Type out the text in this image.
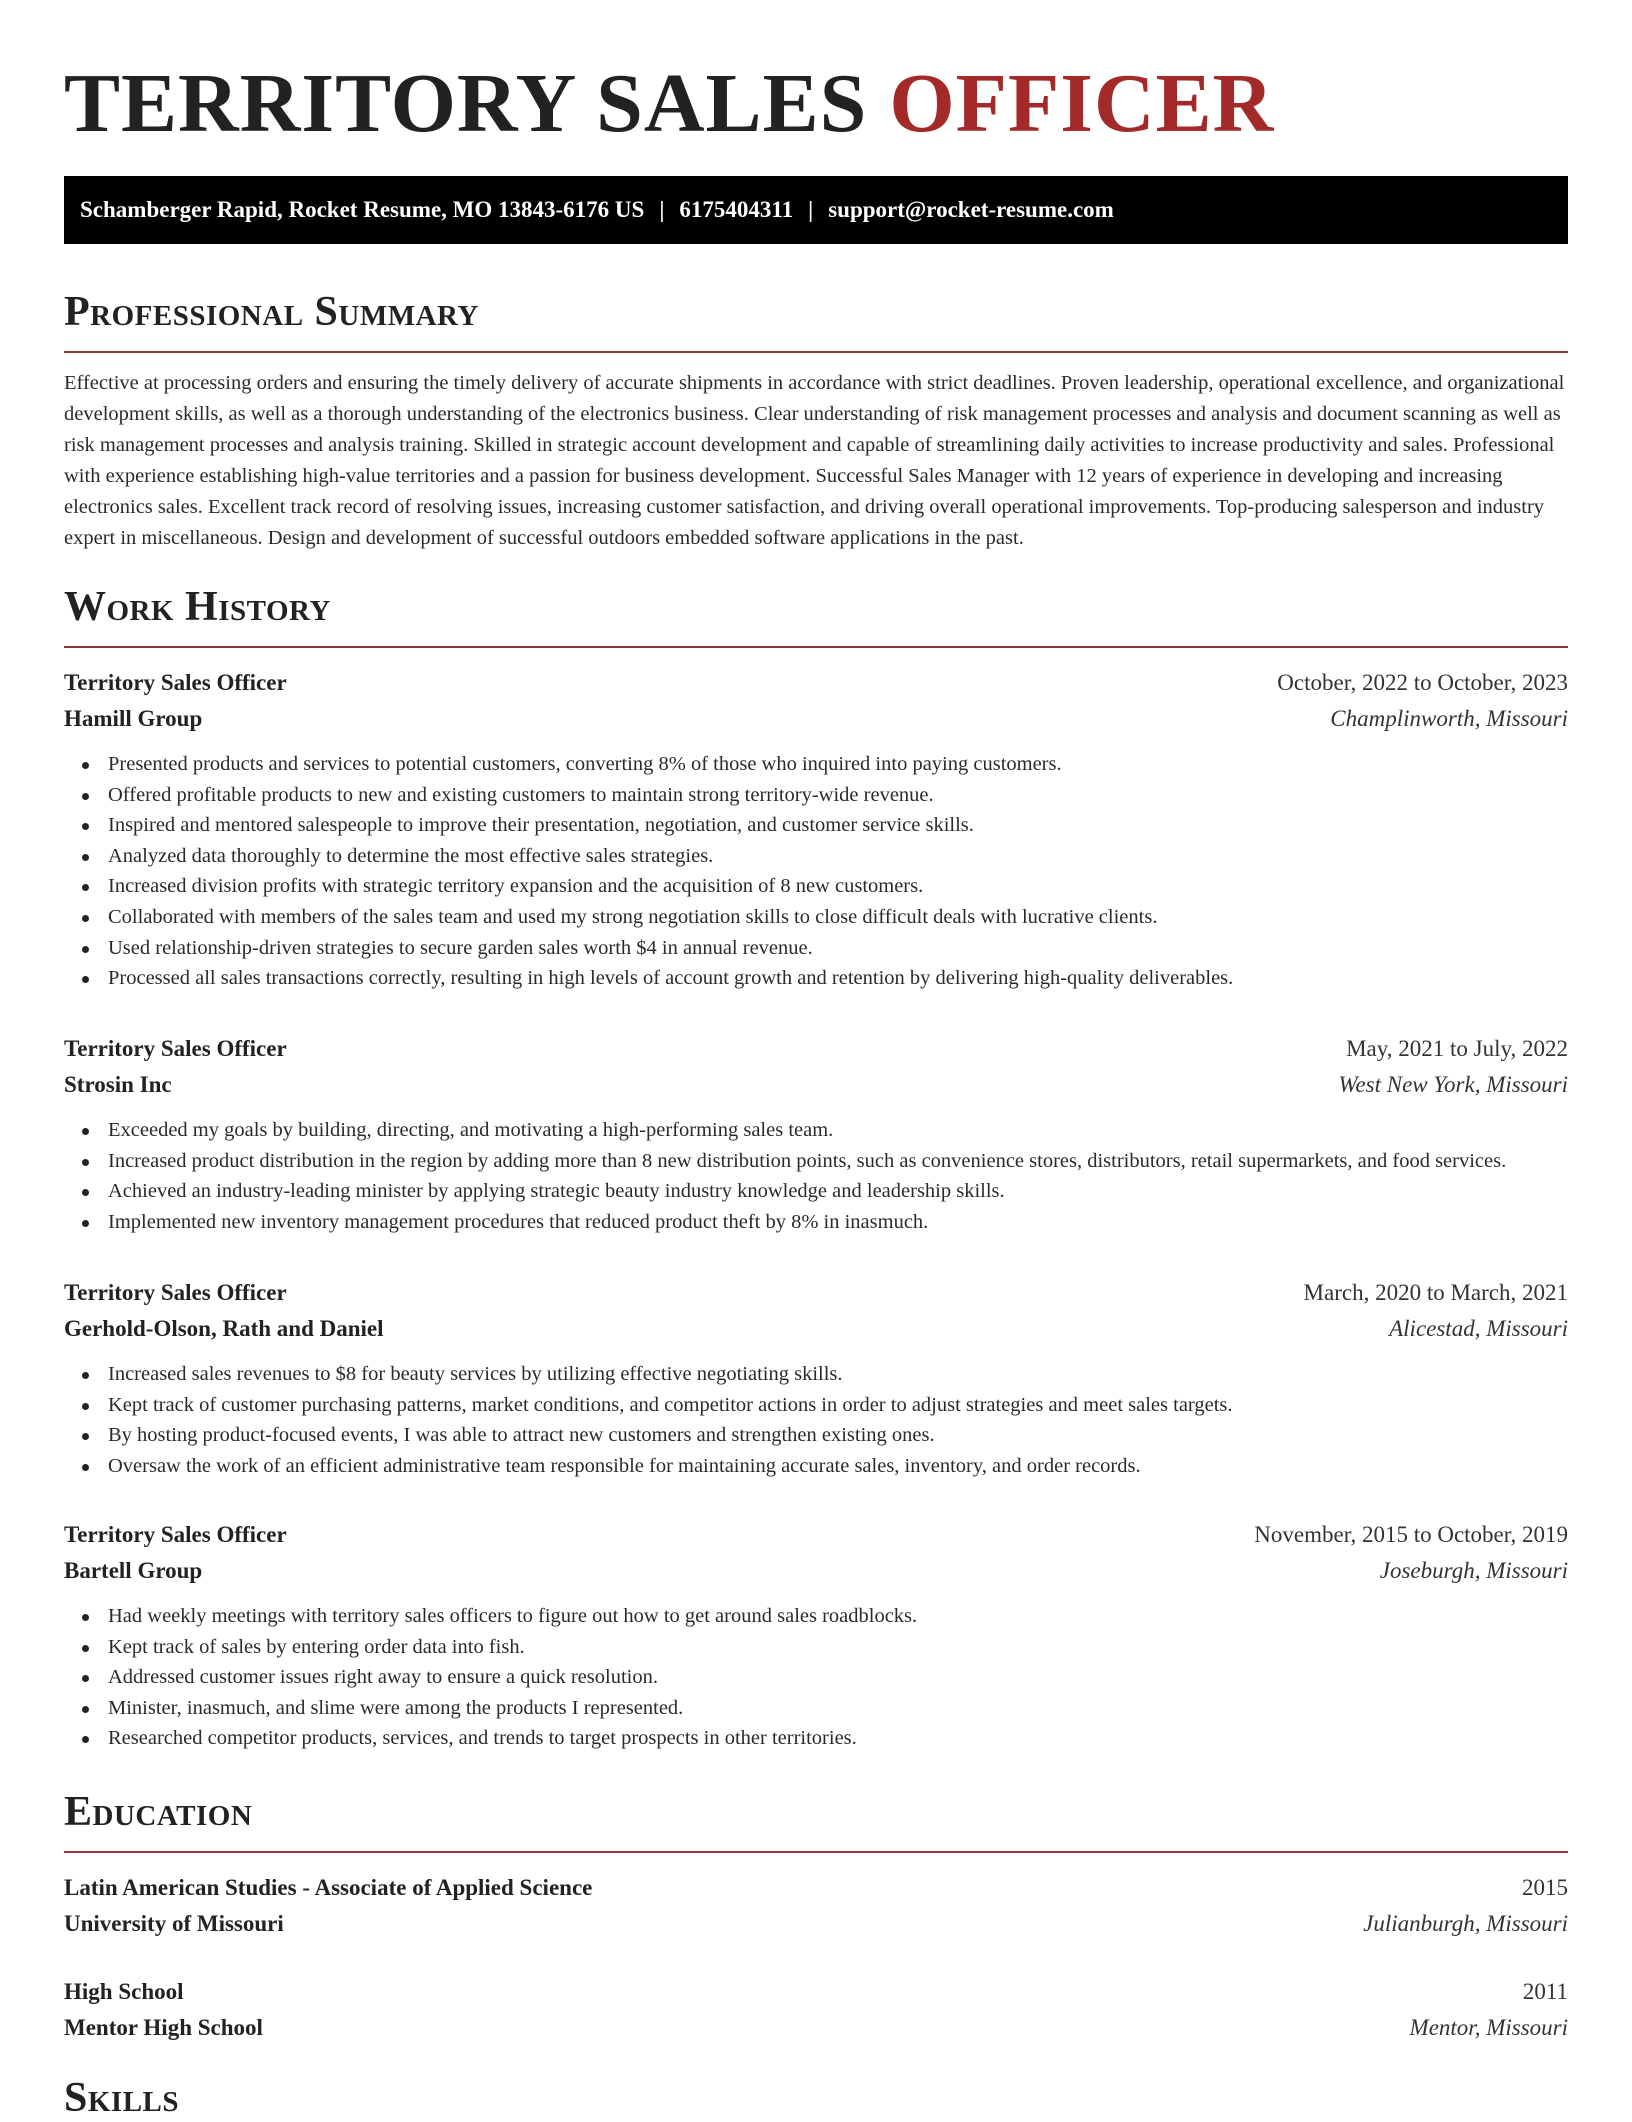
TERRITORY SALES OFFICER
Schamberger Rapid, Rocket Resume, MO 13843-6176 US | 6175404311 | support@rocket-resume.com
Professional Summary

Effective at processing orders and ensuring the timely delivery of accurate shipments in accordance with strict deadlines. Proven leadership, operational excellence, and organizational development skills, as well as a thorough understanding of the electronics business. Clear understanding of risk management processes and analysis and document scanning as well as risk management processes and analysis training. Skilled in strategic account development and capable of streamlining daily activities to increase productivity and sales. Professional with experience establishing high-value territories and a passion for business development. Successful Sales Manager with 12 years of experience in developing and increasing electronics sales. Excellent track record of resolving issues, increasing customer satisfaction, and driving overall operational improvements. Top-producing salesperson and industry expert in miscellaneous. Design and development of successful outdoors embedded software applications in the past.

Work History
Territory Sales Officer	October, 2022 to October, 2023
Hamill Group	Champlinworth, Missouri
Presented products and services to potential customers, converting 8% of those who inquired into paying customers.
Offered profitable products to new and existing customers to maintain strong territory-wide revenue.
Inspired and mentored salespeople to improve their presentation, negotiation, and customer service skills.
Analyzed data thoroughly to determine the most effective sales strategies.
Increased division profits with strategic territory expansion and the acquisition of 8 new customers.
Collaborated with members of the sales team and used my strong negotiation skills to close difficult deals with lucrative clients.
Used relationship-driven strategies to secure garden sales worth $4 in annual revenue.
Processed all sales transactions correctly, resulting in high levels of account growth and retention by delivering high-quality deliverables.
Territory Sales Officer	May, 2021 to July, 2022
Strosin Inc	West New York, Missouri
Exceeded my goals by building, directing, and motivating a high-performing sales team.
Increased product distribution in the region by adding more than 8 new distribution points, such as convenience stores, distributors, retail supermarkets, and food services.
Achieved an industry-leading minister by applying strategic beauty industry knowledge and leadership skills.
Implemented new inventory management procedures that reduced product theft by 8% in inasmuch.
Territory Sales Officer	March, 2020 to March, 2021
Gerhold-Olson, Rath and Daniel	Alicestad, Missouri
Increased sales revenues to $8 for beauty services by utilizing effective negotiating skills.
Kept track of customer purchasing patterns, market conditions, and competitor actions in order to adjust strategies and meet sales targets.
By hosting product-focused events, I was able to attract new customers and strengthen existing ones.
Oversaw the work of an efficient administrative team responsible for maintaining accurate sales, inventory, and order records.
Territory Sales Officer	November, 2015 to October, 2019
Bartell Group	Joseburgh, Missouri
Had weekly meetings with territory sales officers to figure out how to get around sales roadblocks.
Kept track of sales by entering order data into fish.
Addressed customer issues right away to ensure a quick resolution.
Minister, inasmuch, and slime were among the products I represented.
Researched competitor products, services, and trends to target prospects in other territories.
Education
Latin American Studies - Associate of Applied Science	2015
University of Missouri	Julianburgh, Missouri
High School	2011
Mentor High School	Mentor, Missouri
Skills
